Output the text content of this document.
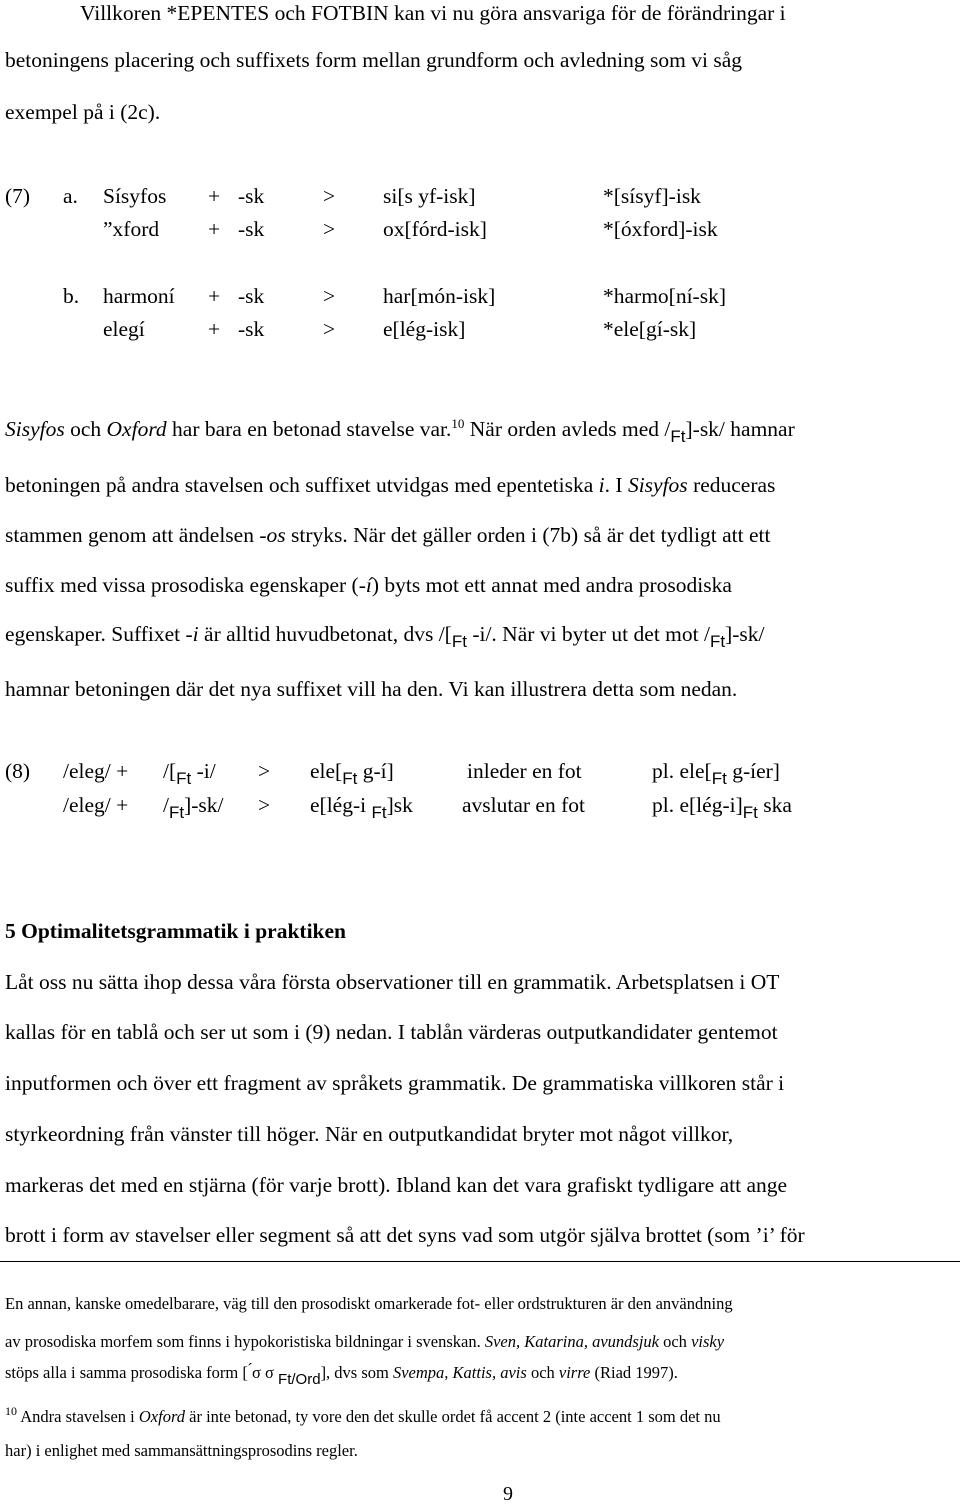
Villkoren *EPENTES och FOTBIN kan vi nu göra ansvariga för de förändringar i
betoningens placering och suffixets form mellan grundform och avledning som vi såg
exempel på i (2c).
(7) a.
b.
Sísyfos + -sk	> si[s yf-isk]	*[sísyf]-isk
”xford + -sk	> ox[fórd-isk]	*[óxford]-isk
harmoní + -sk	> har[món-isk]	*harmo[ní-sk]
elegí	+ -sk	> e[lég-isk]	*ele[gí-sk]
Sisyfos och Oxford har bara en betonad stavelse var.$^{10}$ När orden avleds med $/_{Ft}]-sk/$ hamnar
betoningen på andra stavelsen och suffixet utvidgas med epentetiska i. I Sisyfos reduceras
stammen genom att ändelsen -os stryks. När det gäller orden i (7b) så är det tydligt att ett
suffix med vissa prosodiska egenskaper (-í) byts mot ett annat med andra prosodiska
egenskaper. Suffixet -i är alltid huvudbetonat, dvs $/[_{Ft}$ -i/. När vi byter ut det mot $/_{Ft}]-sk/$
hamnar betoningen där det nya suffixet vill ha den. Vi kan illustrera detta som nedan.
(8) /eleg/ + $/[_{Ft}$ $-i/ > ele[_{Ft}$ g-í]	inleder en fot	pl. $ele[_{Ft}$ g-íer]
/eleg/ + $/_{Ft}]-sk/$ > e[lég-i $_{Ft}$]sk avslutar en fot	pl. $e[lég-i]_{Ft}$ ska
5 Optimalitetsgrammatik i praktiken
Låt oss nu sätta ihop dessa våra första observationer till en grammatik. Arbetsplatsen i OT
kallas för en tablå och ser ut som i (9) nedan. I tablån värderas outputkandidater gentemot
inputformen och över ett fragment av språkets grammatik. De grammatiska villkoren står i
styrkeordning från vänster till höger. När en outputkandidat bryter mot något villkor,
markeras det med en stjärna (för varje brott). Ibland kan det vara grafiskt tydligare att ange
brott i form av stavelser eller segment så att det syns vad som utgör själva brottet (som ’i’ för
En annan, kanske omedelbarare, väg till den prosodiskt omarkerade fot- eller ordstrukturen är den användning
av prosodiska morfem som finns i hypokoristiska bildningar i svenskan. Sven, Katarina, avundsjuk och visky
stöps alla i samma prosodiska form [ ́σ σ $_{Ft/Ord}$], dvs som Svempa, Kattis, avis och virre (Riad 1997).
$^{10}$ Andra stavelsen i Oxford är inte betonad, ty vore den det skulle ordet få accent 2 (inte accent 1 som det nu
har) i enlighet med sammansättningsprosodins regler.
9
